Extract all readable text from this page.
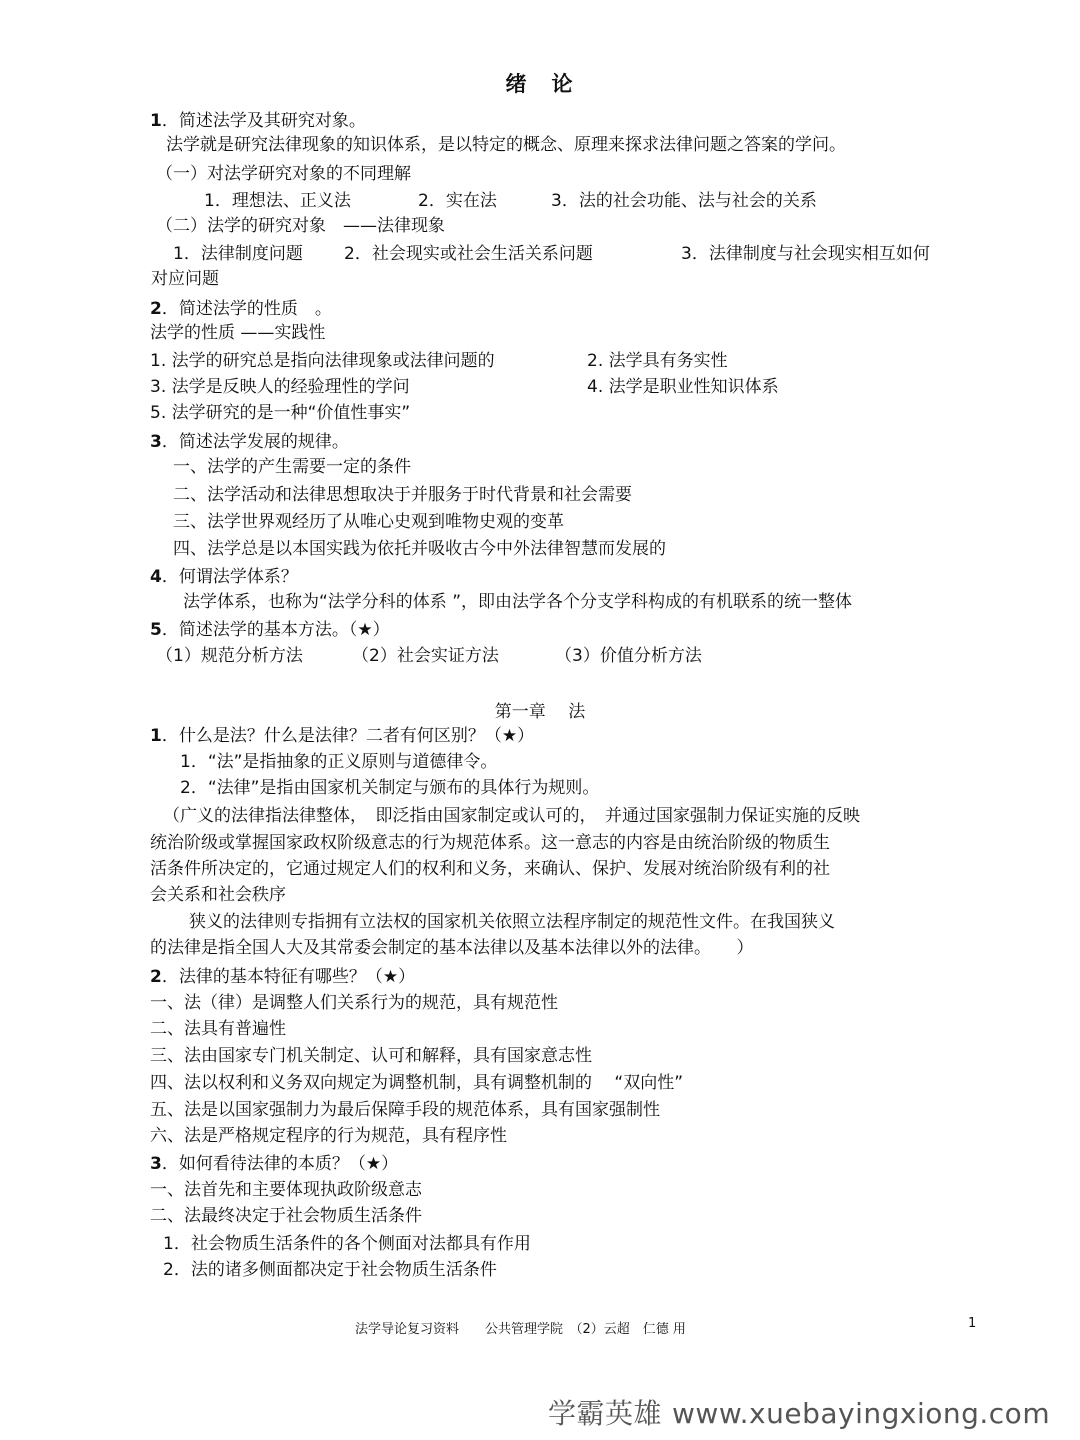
绪　论
1．简述法学及其研究对象。
法学就是研究法律现象的知识体系，是以特定的概念、原理来探求法律问题之答案的学问。
（一）对法学研究对象的不同理解
1．理想法、正义法	2．实在法	3．法的社会功能、法与社会的关系
（二）法学的研究对象　——法律现象
1．法律制度问题 2．社会现实或社会生活关系问题	3．法律制度与社会现实相互如何
对应问题
2．简述法学的性质　。
法学的性质 ——实践性
1. 法学的研究总是指向法律现象或法律问题的	2. 法学具有务实性
3. 法学是反映人的经验理性的学问	4. 法学是职业性知识体系
5. 法学研究的是一种“价值性事实”
3．简述法学发展的规律。
一、法学的产生需要一定的条件
二、法学活动和法律思想取决于并服务于时代背景和社会需要
三、法学世界观经历了从唯心史观到唯物史观的变革
四、法学总是以本国实践为依托并吸收古今中外法律智慧而发展的
4．何谓法学体系？
法学体系，也称为“法学分科的体系 ”，即由法学各个分支学科构成的有机联系的统一整体
5．简述法学的基本方法。（★）
（1）规范分析方法	（2）社会实证方法	（3）价值分析方法
第一章　 法
1．什么是法？什么是法律？二者有何区别？（★）
1．“法”是指抽象的正义原则与道德律令。
2．“法律”是指由国家机关制定与颁布的具体行为规则。
（广义的法律指法律整体，　即泛指由国家制定或认可的，　并通过国家强制力保证实施的反映
统治阶级或掌握国家政权阶级意志的行为规范体系。这一意志的内容是由统治阶级的物质生
活条件所决定的，它通过规定人们的权利和义务，来确认、保护、发展对统治阶级有利的社
会关系和社会秩序
狭义的法律则专指拥有立法权的国家机关依照立法程序制定的规范性文件。在我国狭义
的法律是指全国人大及其常委会制定的基本法律以及基本法律以外的法律。　　）
2．法律的基本特征有哪些？（★）
一、法（律）是调整人们关系行为的规范，具有规范性
二、法具有普遍性
三、法由国家专门机关制定、认可和解释，具有国家意志性
四、法以权利和义务双向规定为调整机制，具有调整机制的　 “双向性”
五、法是以国家强制力为最后保障手段的规范体系，具有国家强制性
六、法是严格规定程序的行为规范，具有程序性
3．如何看待法律的本质？（★）
一、法首先和主要体现执政阶级意志
二、法最终决定于社会物质生活条件
1．社会物质生活条件的各个侧面对法都具有作用
2．法的诸多侧面都决定于社会物质生活条件
法学导论复习资料　　公共管理学院　（2）云超　仁德 用	1
学霸英雄 www.xuebayingxiong.com
